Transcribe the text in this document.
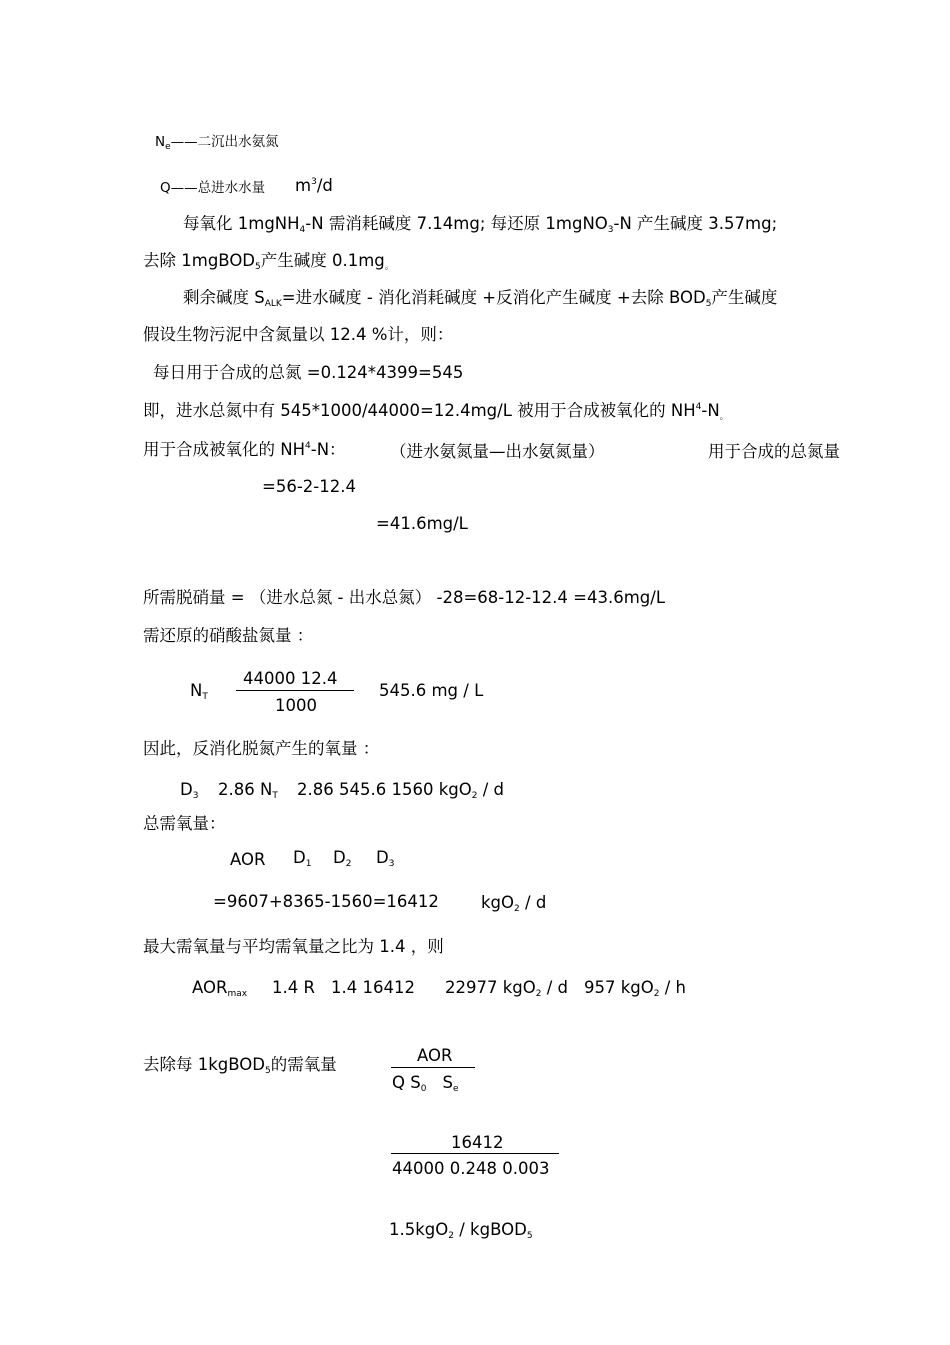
$N_e——$二沉出水氨氮
Q——总进水水量 $m^3/d$
每氧化 1mgNH$_4$-N 需消耗碱度 7.14mg; 每还原 1mgNO$_3$-N 产生碱度 3.57mg;
去除 1mgBOD$_5$产生碱度 $0.1mg_。$
剩余碱度 $S_{ALK}=$进水碱度 - 消化消耗碱度 +反消化产生碱度 +去除 $BOD_5$产生碱度
假设生物污泥中含氮量以 12.4 %计，则：
每日用于合成的总氮 =0.124*4399=545
即，进水总氮中有 545*1000/44000=12.4mg/L 被用于合成被氧化的 $NH^4-N_。$
用于合成被氧化的 $NH^4-N$：	（进水氨氮量—出水氨氮量）	用于合成的总氮量
=56-2-12.4
=41.6mg/L
所需脱硝量 = （进水总氮 - 出水总氮） -28=68-12-12.4 =43.6mg/L
需还原的硝酸盐氮量 ：
$N_T$
44000 12.4
1000
545.6 mg / L
因此，反消化脱氮产生的氧量 ：
$D_3$ 2.86 $N_T$ 2.86 545.6 1560 kgO$_2$ / d
总需氧量：
AOR $D_1$ $D_2$ $D_3$
=9607+8365-1560=16412	kgO$_2$ / d
最大需氧量与平均需氧量之比为 1.4 ，则
$AOR_{max}$ 1.4 R 1.4 16412 22977 kgO$_2$ / d 957 kgO$_2$ / h
去除每 1kgBOD$_5$的需氧量	AOR
Q $S_0$ $S_e$
16412
44000 0.248 0.003
1.5kgO$_2$ / kgBOD$_5$
